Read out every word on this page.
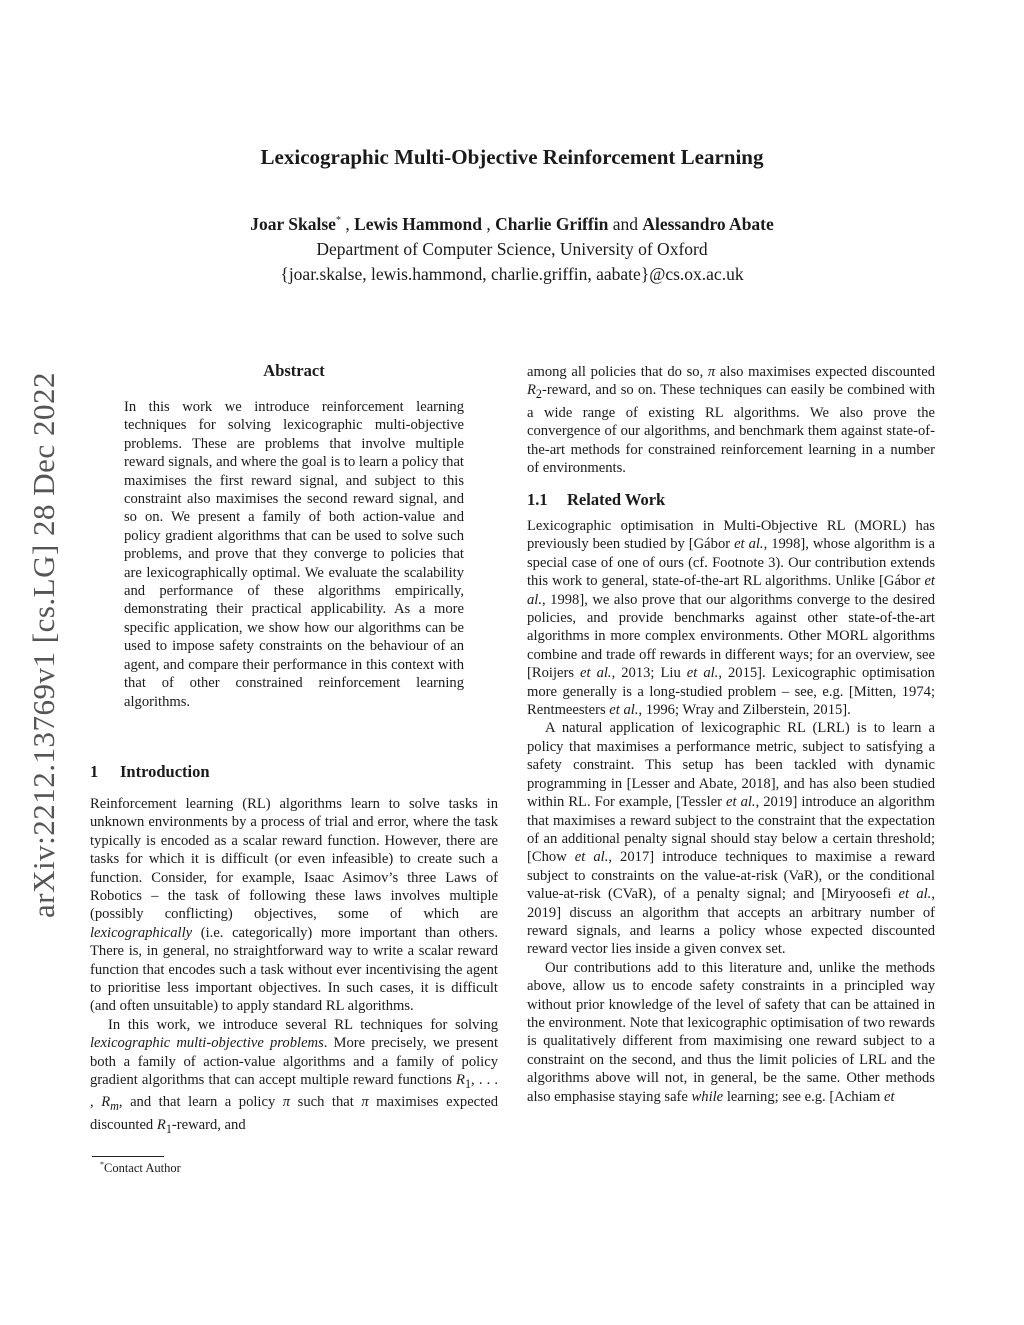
Lexicographic Multi-Objective Reinforcement Learning
Joar Skalse* , Lewis Hammond , Charlie Griffin and Alessandro Abate
Department of Computer Science, University of Oxford
{joar.skalse, lewis.hammond, charlie.griffin, aabate}@cs.ox.ac.uk
arXiv:2212.13769v1 [cs.LG] 28 Dec 2022
Abstract

In this work we introduce reinforcement learning techniques for solving lexicographic multi-objective problems. These are problems that involve multiple reward signals, and where the goal is to learn a policy that maximises the first reward signal, and subject to this constraint also maximises the second reward signal, and so on. We present a family of both action-value and policy gradient algorithms that can be used to solve such problems, and prove that they converge to policies that are lexicographically optimal. We evaluate the scalability and performance of these algorithms empirically, demonstrating their practical applicability. As a more specific application, we show how our algorithms can be used to impose safety constraints on the behaviour of an agent, and compare their performance in this context with that of other constrained reinforcement learning algorithms.

1 Introduction

Reinforcement learning (RL) algorithms learn to solve tasks in unknown environments by a process of trial and error, where the task typically is encoded as a scalar reward function. However, there are tasks for which it is difficult (or even infeasible) to create such a function. Consider, for example, Isaac Asimov’s three Laws of Robotics – the task of following these laws involves multiple (possibly conflicting) objectives, some of which are lexicographically (i.e. categorically) more important than others. There is, in general, no straightforward way to write a scalar reward function that encodes such a task without ever incentivising the agent to prioritise less important objectives. In such cases, it is difficult (and often unsuitable) to apply standard RL algorithms.

In this work, we introduce several RL techniques for solving lexicographic multi-objective problems. More precisely, we present both a family of action-value algorithms and a family of policy gradient algorithms that can accept multiple reward functions $R_1$, . . . , $R_m$, and that learn a policy π such that π maximises expected discounted $R_1$-reward, and

*Contact Author

among all policies that do so, π also maximises expected discounted $R_2$-reward, and so on. These techniques can easily be combined with a wide range of existing RL algorithms. We also prove the convergence of our algorithms, and benchmark them against state-of-the-art methods for constrained reinforcement learning in a number of environments.

1.1 Related Work

Lexicographic optimisation in Multi-Objective RL (MORL) has previously been studied by [Gábor et al., 1998], whose algorithm is a special case of one of ours (cf. Footnote 3). Our contribution extends this work to general, state-of-the-art RL algorithms. Unlike [Gábor et al., 1998], we also prove that our algorithms converge to the desired policies, and provide benchmarks against other state-of-the-art algorithms in more complex environments. Other MORL algorithms combine and trade off rewards in different ways; for an overview, see [Roijers et al., 2013; Liu et al., 2015]. Lexicographic optimisation more generally is a long-studied problem – see, e.g. [Mitten, 1974; Rentmeesters et al., 1996; Wray and Zilberstein, 2015].

A natural application of lexicographic RL (LRL) is to learn a policy that maximises a performance metric, subject to satisfying a safety constraint. This setup has been tackled with dynamic programming in [Lesser and Abate, 2018], and has also been studied within RL. For example, [Tessler et al., 2019] introduce an algorithm that maximises a reward subject to the constraint that the expectation of an additional penalty signal should stay below a certain threshold; [Chow et al., 2017] introduce techniques to maximise a reward subject to constraints on the value-at-risk (VaR), or the conditional value-at-risk (CVaR), of a penalty signal; and [Miryoosefi et al., 2019] discuss an algorithm that accepts an arbitrary number of reward signals, and learns a policy whose expected discounted reward vector lies inside a given convex set.

Our contributions add to this literature and, unlike the methods above, allow us to encode safety constraints in a principled way without prior knowledge of the level of safety that can be attained in the environment. Note that lexicographic optimisation of two rewards is qualitatively different from maximising one reward subject to a constraint on the second, and thus the limit policies of LRL and the algorithms above will not, in general, be the same. Other methods also emphasise staying safe while learning; see e.g. [Achiam et
